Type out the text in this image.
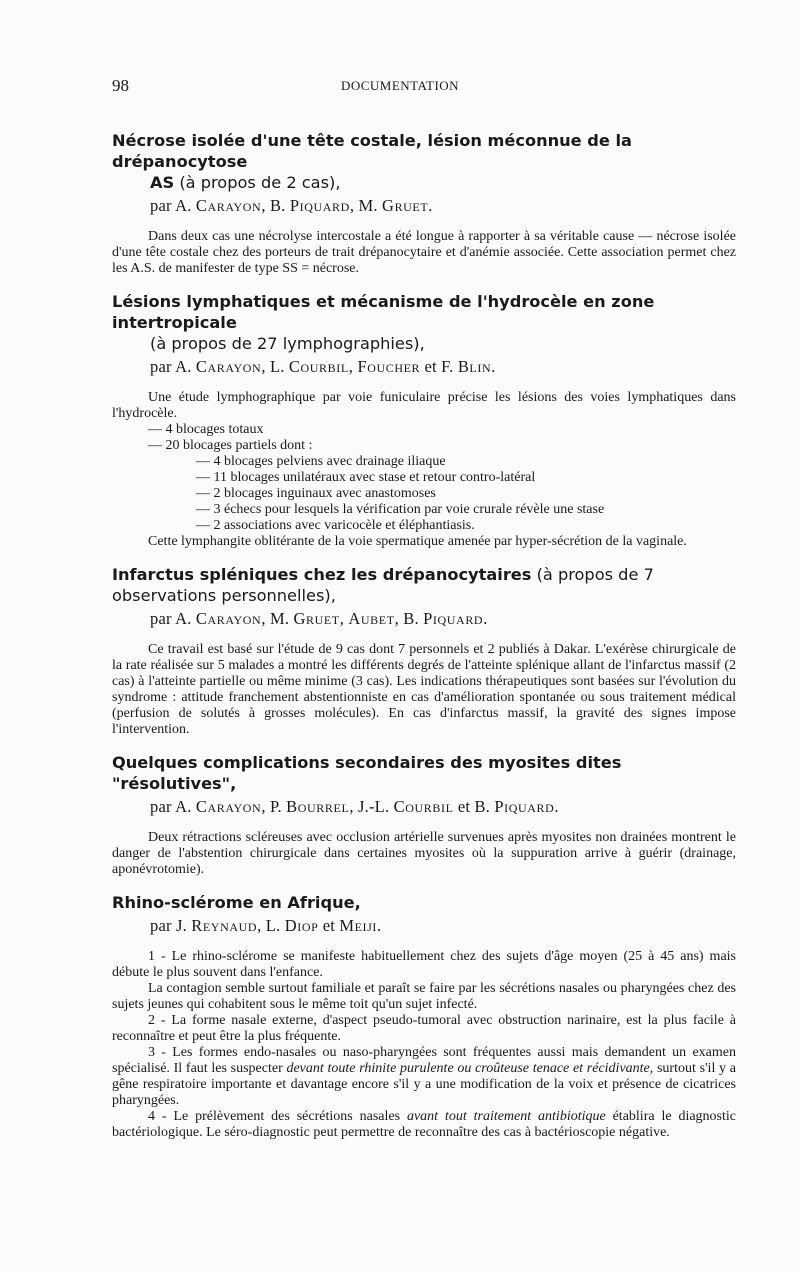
98	DOCUMENTATION
Nécrose isolée d'une tête costale, lésion méconnue de la drépanocytose
AS (à propos de 2 cas),
par A. Carayon, B. Piquard, M. Gruet.

Dans deux cas une nécrolyse intercostale a été longue à rapporter à sa véritable cause — nécrose isolée d'une tête costale chez des porteurs de trait drépanocytaire et d'anémie associée. Cette association permet chez les A.S. de manifester de type SS = nécrose.

Lésions lymphatiques et mécanisme de l'hydrocèle en zone intertropicale
(à propos de 27 lymphographies),
par A. Carayon, L. Courbil, Foucher et F. Blin.

Une étude lymphographique par voie funiculaire précise les lésions des voies lymphatiques dans l'hydrocèle.

— 4 blocages totaux
— 20 blocages partiels dont :
— 4 blocages pelviens avec drainage iliaque
— 11 blocages unilatéraux avec stase et retour contro-latéral
— 2 blocages inguinaux avec anastomoses
— 3 échecs pour lesquels la vérification par voie crurale révèle une stase
— 2 associations avec varicocèle et éléphantiasis.

Cette lymphangite oblitérante de la voie spermatique amenée par hyper-sécrétion de la vaginale.

Infarctus spléniques chez les drépanocytaires (à propos de 7 observations personnelles),
par A. Carayon, M. Gruet, Aubet, B. Piquard.

Ce travail est basé sur l'étude de 9 cas dont 7 personnels et 2 publiés à Dakar. L'exérèse chirurgicale de la rate réalisée sur 5 malades a montré les différents degrés de l'atteinte splénique allant de l'infarctus massif (2 cas) à l'atteinte partielle ou même minime (3 cas). Les indications thérapeutiques sont basées sur l'évolution du syndrome : attitude franchement abstentionniste en cas d'amélioration spontanée ou sous traitement médical (perfusion de solutés à grosses molécules). En cas d'infarctus massif, la gravité des signes impose l'intervention.

Quelques complications secondaires des myosites dites "résolutives",
par A. Carayon, P. Bourrel, J.-L. Courbil et B. Piquard.

Deux rétractions scléreuses avec occlusion artérielle survenues après myosites non drainées montrent le danger de l'abstention chirurgicale dans certaines myosites où la suppuration arrive à guérir (drainage, aponévrotomie).

Rhino-sclérome en Afrique,
par J. Reynaud, L. Diop et Meiji.

1 - Le rhino-sclérome se manifeste habituellement chez des sujets d'âge moyen (25 à 45 ans) mais débute le plus souvent dans l'enfance.

La contagion semble surtout familiale et paraît se faire par les sécrétions nasales ou pharyngées chez des sujets jeunes qui cohabitent sous le même toit qu'un sujet infecté.

2 - La forme nasale externe, d'aspect pseudo-tumoral avec obstruction narinaire, est la plus facile à reconnaître et peut être la plus fréquente.

3 - Les formes endo-nasales ou naso-pharyngées sont fréquentes aussi mais demandent un examen spécialisé. Il faut les suspecter devant toute rhinite purulente ou croûteuse tenace et récidivante, surtout s'il y a gêne respiratoire importante et davantage encore s'il y a une modification de la voix et présence de cicatrices pharyngées.

4 - Le prélèvement des sécrétions nasales avant tout traitement antibiotique établira le diagnostic bactériologique. Le séro-diagnostic peut permettre de reconnaître des cas à bactérioscopie négative.
